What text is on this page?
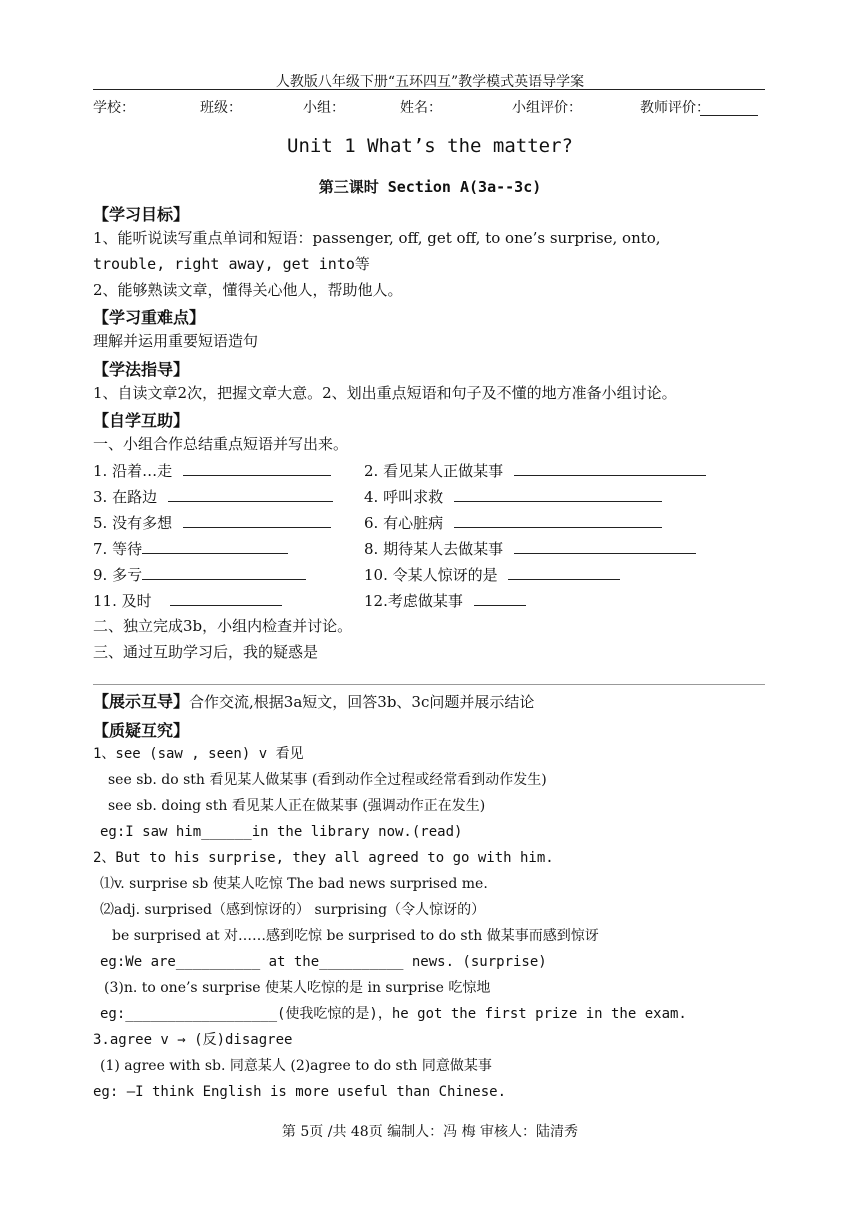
人教版八年级下册“五环四互”教学模式英语导学案
学校：	班级：	小组：	姓名：	小组评价：	教师评价：
Unit 1 What’s the matter?
第三课时 Section A(3a--3c)
【学习目标】
1、能听说读写重点单词和短语：passenger, off, get off, to one’s surprise, onto,
trouble, right away, get into等
2、能够熟读文章，懂得关心他人，帮助他人。
【学习重难点】
理解并运用重要短语造句
【学法指导】
1、自读文章2次，把握文章大意。2、划出重点短语和句子及不懂的地方准备小组讨论。
【自学互助】
一、小组合作总结重点短语并写出来。
1. 沿着…走	2. 看见某人正做某事
3. 在路边	4. 呼叫求救
5. 没有多想	6. 有心脏病
7. 等待	8. 期待某人去做某事
9. 多亏	10. 令某人惊讶的是
11. 及时	12.考虑做某事
二、独立完成3b，小组内检查并讨论。
三、通过互助学习后，我的疑惑是
【展示互导】合作交流,根据3a短文，回答3b、3c问题并展示结论
【质疑互究】
1、see (saw , seen) v 看见
see sb. do sth 看见某人做某事 (看到动作全过程或经常看到动作发生)
see sb. doing sth 看见某人正在做某事 (强调动作正在发生)
eg:I saw him______in the library now.(read)
2、But to his surprise, they all agreed to go with him.
⑴v. surprise sb 使某人吃惊 The bad news surprised me.
⑵adj. surprised（感到惊讶的） surprising（令人惊讶的）
be surprised at 对……感到吃惊 be surprised to do sth 做某事而感到惊讶
eg:We are__________ at the__________ news. (surprise)
(3)n. to one’s surprise 使某人吃惊的是 in surprise 吃惊地
eg:__________________(使我吃惊的是)，he got the first prize in the exam.
3.agree v → (反)disagree
(1) agree with sb. 同意某人 (2)agree to do sth 同意做某事
eg: —I think English is more useful than Chinese.
第 5页 /共 48页 编制人：冯 梅 审核人：陆清秀
